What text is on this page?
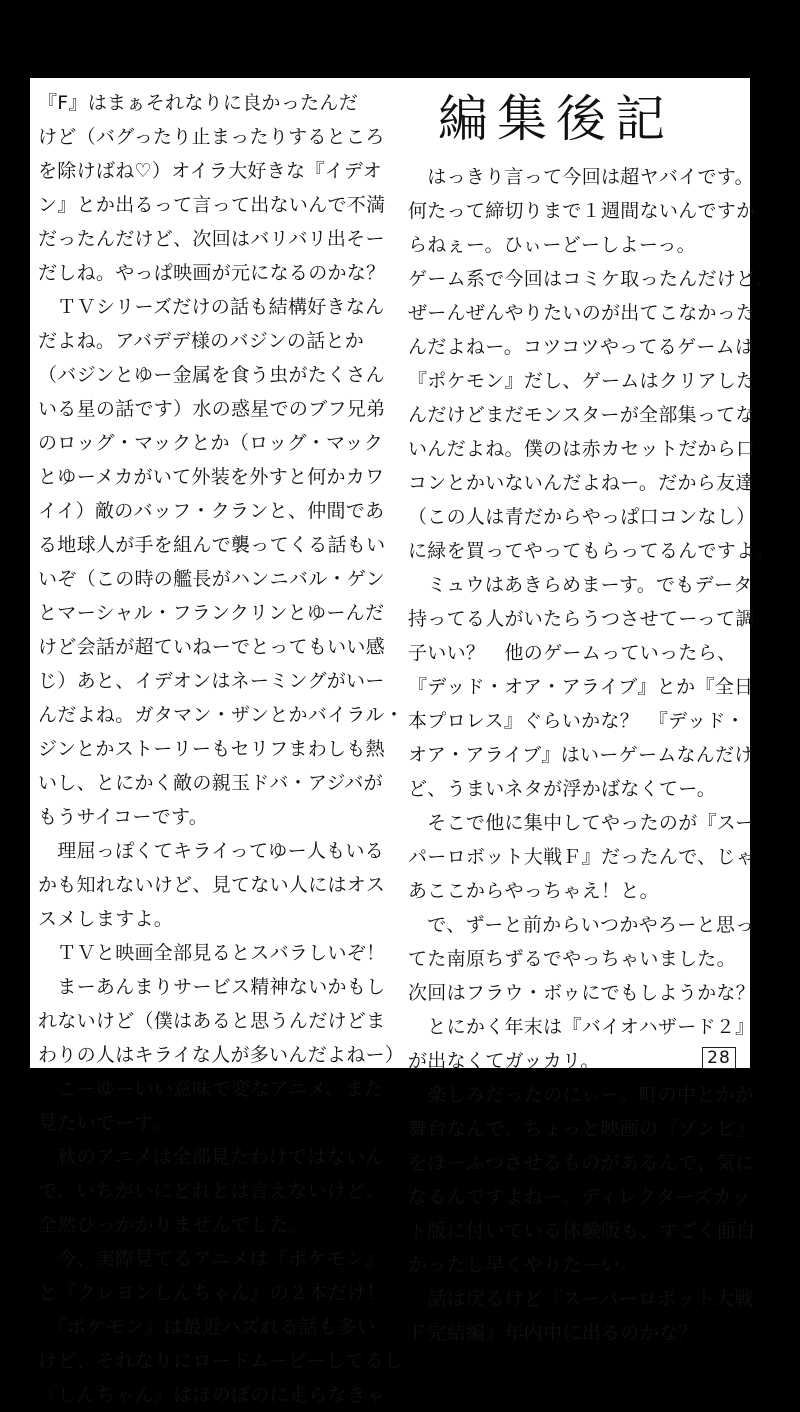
編集後記
『F』はまぁそれなりに良かったんだ
けど（バグったり止まったりするところ
を除けばね♡）オイラ大好きな『イデオ
ン』とか出るって言って出ないんで不満
だったんだけど、次回はバリバリ出そー
だしね。やっぱ映画が元になるのかな？
　ＴＶシリーズだけの話も結構好きなん
だよね。アバデデ様のバジンの話とか
（バジンとゆー金属を食う虫がたくさん
いる星の話です）水の惑星でのブフ兄弟
のロッグ・マックとか（ロッグ・マック
とゆーメカがいて外装を外すと何かカワ
イイ）敵のバッフ・クランと、仲間であ
る地球人が手を組んで襲ってくる話もい
いぞ（この時の艦長がハンニバル・ゲン
とマーシャル・フランクリンとゆーんだ
けど会話が超ていねーでとってもいい感
じ）あと、イデオンはネーミングがいー
んだよね。ガタマン・ザンとかバイラル・
ジンとかストーリーもセリフまわしも熱
いし、とにかく敵の親玉ドバ・アジバが
もうサイコーです。
　理屈っぽくてキライってゆー人もいる
かも知れないけど、見てない人にはオス
スメしますよ。
　ＴＶと映画全部見るとスバラしいぞ！
　まーあんまりサービス精神ないかもし
れないけど（僕はあると思うんだけどま
わりの人はキライな人が多いんだよねー）
　こーゆーいい意味で変なアニメ、また
見たいでーす。
　秋のアニメは全部見たわけではないん
で、いちがいにどれとは言えないけど、
全然ひっかかりませんでした。
　今、実際見てるアニメは『ポケモン』
と『クレヨンしんちゃん』の２本だけ！
　『ポケモン』は最近ハズれる話も多い
けど、それなりにロードムービーしてるし
『しんちゃん』はほのぼのに走らなきゃ
　はっきり言って今回は超ヤバイです。
何たって締切りまで１週間ないんですか
らねぇー。ひぃーどーしよーっ。
ゲーム系で今回はコミケ取ったんだけど、
ぜーんぜんやりたいのが出てこなかった
んだよねー。コツコツやってるゲームは
『ポケモン』だし、ゲームはクリアした
んだけどまだモンスターが全部集ってな
いんだよね。僕のは赤カセットだから口
コンとかいないんだよねー。だから友達
（この人は青だからやっぱ口コンなし）
に緑を買ってやってもらってるんですよ。
　ミュウはあきらめまーす。でもデータ
持ってる人がいたらうつさせてーって調
子いい？　他のゲームっていったら、
『デッド・オア・アライブ』とか『全日
本プロレス』ぐらいかな？　『デッド・
オア・アライブ』はいーゲームなんだけ
ど、うまいネタが浮かばなくてー。
　そこで他に集中してやったのが『スー
パーロボット大戦Ｆ』だったんで、じゃ
あここからやっちゃえ！と。
　で、ずーと前からいつかやろーと思っ
てた南原ちずるでやっちゃいました。
次回はフラウ・ボゥにでもしようかな？
　とにかく年末は『バイオハザード２』
が出なくてガッカリ。
　楽しみだったのにぃー。町の中とかが
舞台なんで、ちょっと映画の『ゾンビ』
をほーふつさせるものがあるんで、気に
なるんですよねー。ディレクターズカッ
ト版に付いている体験版も、すごく面白
かったし早くやりたーい。
　話は戻るけど『スーパーロボット大戦
Ｆ完結編』年内中に出るのかな？
28
